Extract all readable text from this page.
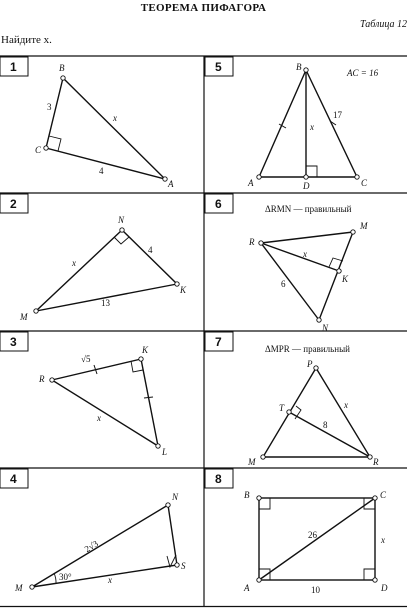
ТЕОРЕМА ПИФАГОРА
Таблица 12
Найдите x.
1	B
C
A
3
4
x
2
N
M
K
x
4
13
3
K
R
L
√5
x
4
N
M
S
2√3
x
30°
5	AC = 16
B
A	D	C
x
17
6	ΔRMN — правильный
R
M
K
N
x
6
7	ΔMPR — правильный
P
T
M	R
x
8
8
B	C
A	D
26	x
10
